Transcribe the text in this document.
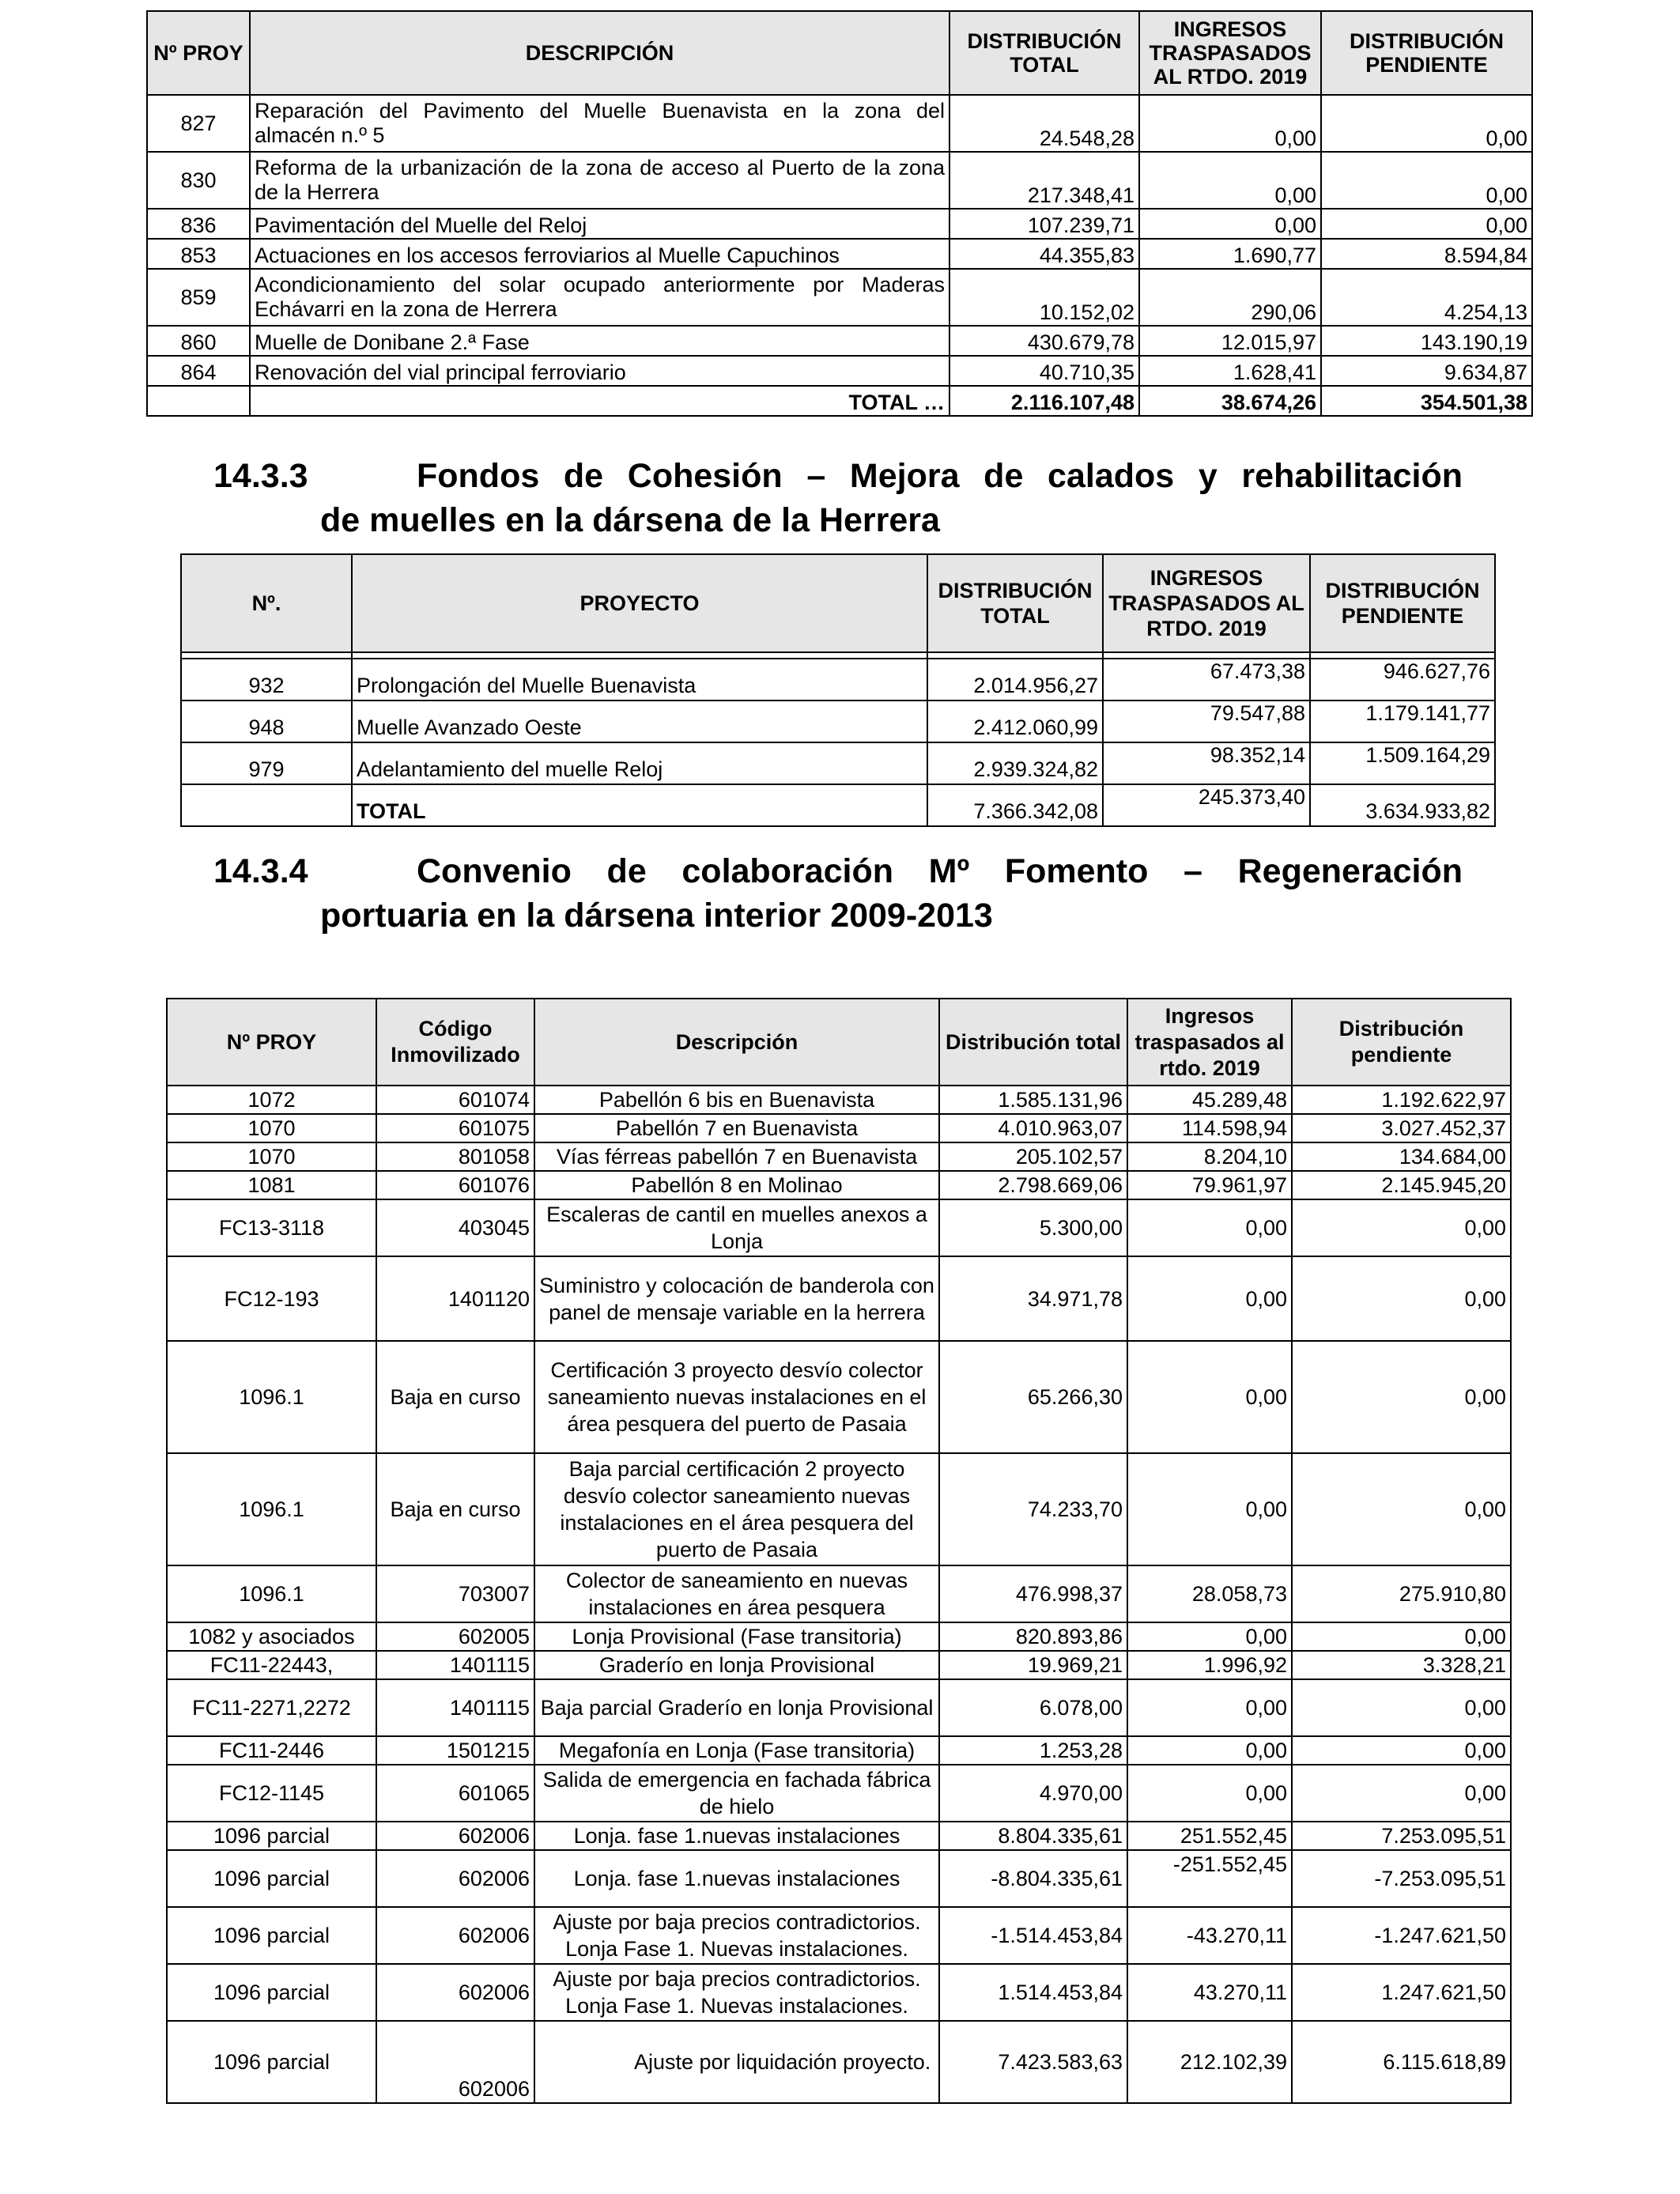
Nº PROY	DESCRIPCIÓN	DISTRIBUCIÓN TOTAL	INGRESOS TRASPASADOS AL RTDO. 2019	DISTRIBUCIÓN PENDIENTE
827	Reparación del Pavimento del Muelle Buenavista en la zona del almacén n.º 5	24.548,28	0,00	0,00
830	Reforma de la urbanización de la zona de acceso al Puerto de la zona de la Herrera	217.348,41	0,00	0,00
836	Pavimentación del Muelle del Reloj	107.239,71	0,00	0,00
853	Actuaciones en los accesos ferroviarios al Muelle Capuchinos	44.355,83	1.690,77	8.594,84
859	Acondicionamiento del solar ocupado anteriormente por Maderas Echávarri en la zona de Herrera	10.152,02	290,06	4.254,13
860	Muelle de Donibane 2.ª Fase	430.679,78	12.015,97	143.190,19
864	Renovación del vial principal ferroviario	40.710,35	1.628,41	9.634,87
	TOTAL …	2.116.107,48	38.674,26	354.501,38
14.3.3	Fondos de Cohesión – Mejora de calados y rehabilitación
de muelles en la dársena de la Herrera
Nº.	PROYECTO	DISTRIBUCIÓN TOTAL	INGRESOS TRASPASADOS AL RTDO. 2019	DISTRIBUCIÓN PENDIENTE

932	Prolongación del Muelle Buenavista	2.014.956,27	67.473,38	946.627,76
948	Muelle Avanzado Oeste	2.412.060,99	79.547,88	1.179.141,77
979	Adelantamiento del muelle Reloj	2.939.324,82	98.352,14	1.509.164,29
	TOTAL	7.366.342,08	245.373,40	3.634.933,82
14.3.4	Convenio de colaboración Mº Fomento – Regeneración
portuaria en la dársena interior 2009-2013
Nº PROY	Código Inmovilizado	Descripción	Distribución total	Ingresos traspasados al rtdo. 2019	Distribución pendiente
1072	601074	Pabellón 6 bis en Buenavista	1.585.131,96	45.289,48	1.192.622,97
1070	601075	Pabellón 7 en Buenavista	4.010.963,07	114.598,94	3.027.452,37
1070	801058	Vías férreas pabellón 7 en Buenavista	205.102,57	8.204,10	134.684,00
1081	601076	Pabellón 8 en Molinao	2.798.669,06	79.961,97	2.145.945,20
FC13-3118	403045	Escaleras de cantil en muelles anexos a Lonja	5.300,00	0,00	0,00
FC12-193	1401120	Suministro y colocación de banderola con panel de mensaje variable en la herrera	34.971,78	0,00	0,00
1096.1	Baja en curso	Certificación 3 proyecto desvío colector saneamiento nuevas instalaciones en el área pesquera del puerto de Pasaia	65.266,30	0,00	0,00
1096.1	Baja en curso	Baja parcial certificación 2 proyecto desvío colector saneamiento nuevas instalaciones en el área pesquera del puerto de Pasaia	74.233,70	0,00	0,00
1096.1	703007	Colector de saneamiento en nuevas instalaciones en área pesquera	476.998,37	28.058,73	275.910,80
1082 y asociados	602005	Lonja Provisional (Fase transitoria)	820.893,86	0,00	0,00
FC11-22443,	1401115	Graderío en lonja Provisional	19.969,21	1.996,92	3.328,21
FC11-2271,2272	1401115	Baja parcial Graderío en lonja Provisional	6.078,00	0,00	0,00
FC11-2446	1501215	Megafonía en Lonja (Fase transitoria)	1.253,28	0,00	0,00
FC12-1145	601065	Salida de emergencia en fachada fábrica de hielo	4.970,00	0,00	0,00
1096 parcial	602006	Lonja. fase 1.nuevas instalaciones	8.804.335,61	251.552,45	7.253.095,51
1096 parcial	602006	Lonja. fase 1.nuevas instalaciones	-8.804.335,61	-251.552,45	-7.253.095,51
1096 parcial	602006	Ajuste por baja precios contradictorios. Lonja Fase 1. Nuevas instalaciones.	-1.514.453,84	-43.270,11	-1.247.621,50
1096 parcial	602006	Ajuste por baja precios contradictorios. Lonja Fase 1. Nuevas instalaciones.	1.514.453,84	43.270,11	1.247.621,50
1096 parcial	602006	Ajuste por liquidación proyecto.	7.423.583,63	212.102,39	6.115.618,89
